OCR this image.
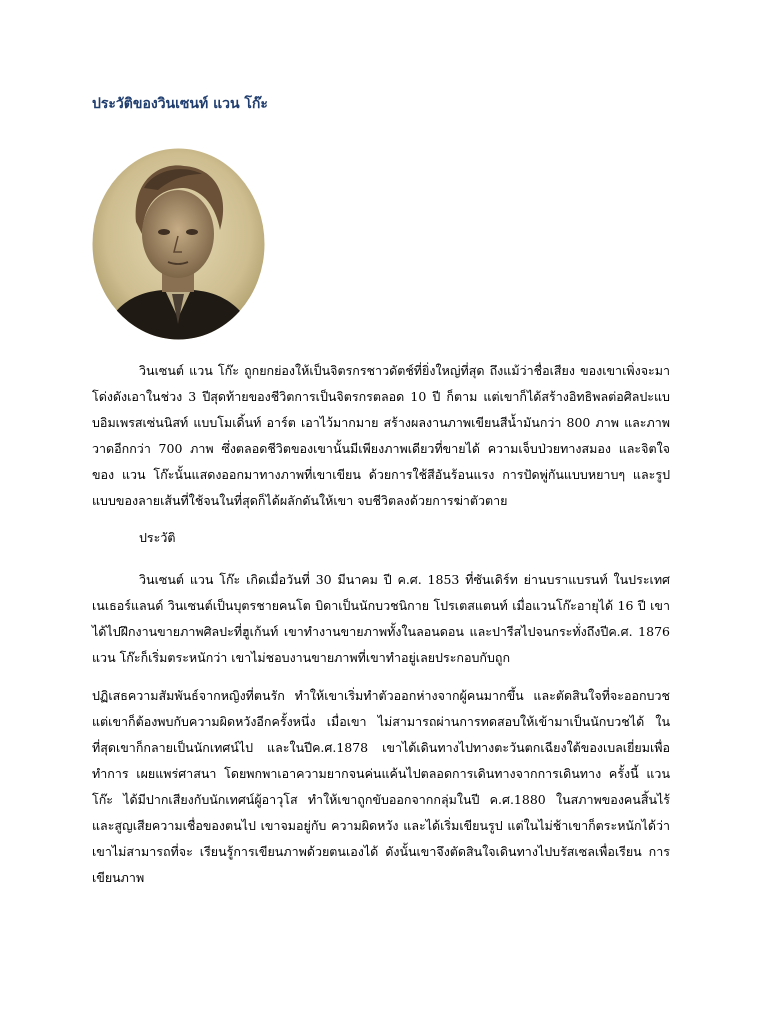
ประวัติของวินเซนท์ แวน โก๊ะ

วินเซนต์ แวน โก๊ะ ถูกยกย่องให้เป็นจิตรกรชาวดัตช์ที่ยิ่งใหญ่ที่สุด ถึงแม้ว่าชื่อเสียง ของเขาเพิ่งจะมาโด่งดังเอาในช่วง 3 ปีสุดท้ายของชีวิตการเป็นจิตรกรตลอด 10 ปี ก็ตาม แต่เขาก็ได้สร้างอิทธิพลต่อศิลปะแบบอิมเพรสเซ่นนิสท์ แบบโมเดิ้นท์ อาร์ต เอาไว้มากมาย สร้างผลงานภาพเขียนสีน้ำมันกว่า 800 ภาพ และภาพวาดอีกกว่า 700 ภาพ ซึ่งตลอดชีวิตของเขานั้นมีเพียงภาพเดียวที่ขายได้ ความเจ็บป่วยทางสมอง และจิตใจของ แวน โก๊ะนั้นแสดงออกมาทางภาพที่เขาเขียน ด้วยการใช้สีอันร้อนแรง การปัดพู่กันแบบหยาบๆ และรูปแบบของลายเส้นที่ใช้จนในที่สุดก็ได้ผลักดันให้เขา จบชีวิตลงด้วยการฆ่าตัวตาย

ประวัติ

วินเซนต์ แวน โก๊ะ เกิดเมื่อวันที่ 30 มีนาคม ปี ค.ศ. 1853 ที่ซันเดิร์ท ย่านบราแบรนท์ ในประเทศเนเธอร์แลนด์ วินเซนต์เป็นบุตรชายคนโต บิดาเป็นนักบวชนิกาย โปรเตสแตนท์ เมื่อแวนโก๊ะอายุได้ 16 ปี เขาได้ไปฝึกงานขายภาพศิลปะที่ฮูเก้นท์ เขาทำงานขายภาพทั้งในลอนดอน และปารีสไปจนกระทั่งถึงปีค.ศ. 1876 แวน โก๊ะก็เริ่มตระหนักว่า เขาไม่ชอบงานขายภาพที่เขาทำอยู่เลยประกอบกับถูก

ปฏิเสธความสัมพันธ์จากหญิงที่ตนรัก ทำให้เขาเริ่มทำตัวออกห่างจากผู้คนมากขึ้น และตัดสินใจที่จะออกบวช แต่เขาก็ต้องพบกับความผิดหวังอีกครั้งหนึ่ง เมื่อเขา ไม่สามารถผ่านการทดสอบให้เข้ามาเป็นนักบวชได้ ในที่สุดเขาก็กลายเป็นนักเทศน์ไป และในปีค.ศ.1878 เขาได้เดินทางไปทางตะวันตกเฉียงใต้ของเบลเยี่ยมเพื่อทำการ เผยแพร่ศาสนา โดยพกพาเอาความยากจนค่นแค้นไปตลอดการเดินทางจากการเดินทาง ครั้งนี้ แวนโก๊ะ ได้มีปากเสียงกับนักเทศน์ผู้อาวุโส ทำให้เขาถูกขับออกจากกลุ่มในปี ค.ศ.1880 ในสภาพของคนสิ้นไร้ และสูญเสียความเชื่อของตนไป เขาจมอยู่กับ ความผิดหวัง และได้เริ่มเขียนรูป แต่ในไม่ช้าเขาก็ตระหนักได้ว่า เขาไม่สามารถที่จะ เรียนรู้การเขียนภาพด้วยตนเองได้ ดังนั้นเขาจึงตัดสินใจเดินทางไปบรัสเซลเพื่อเรียน การเขียนภาพ
